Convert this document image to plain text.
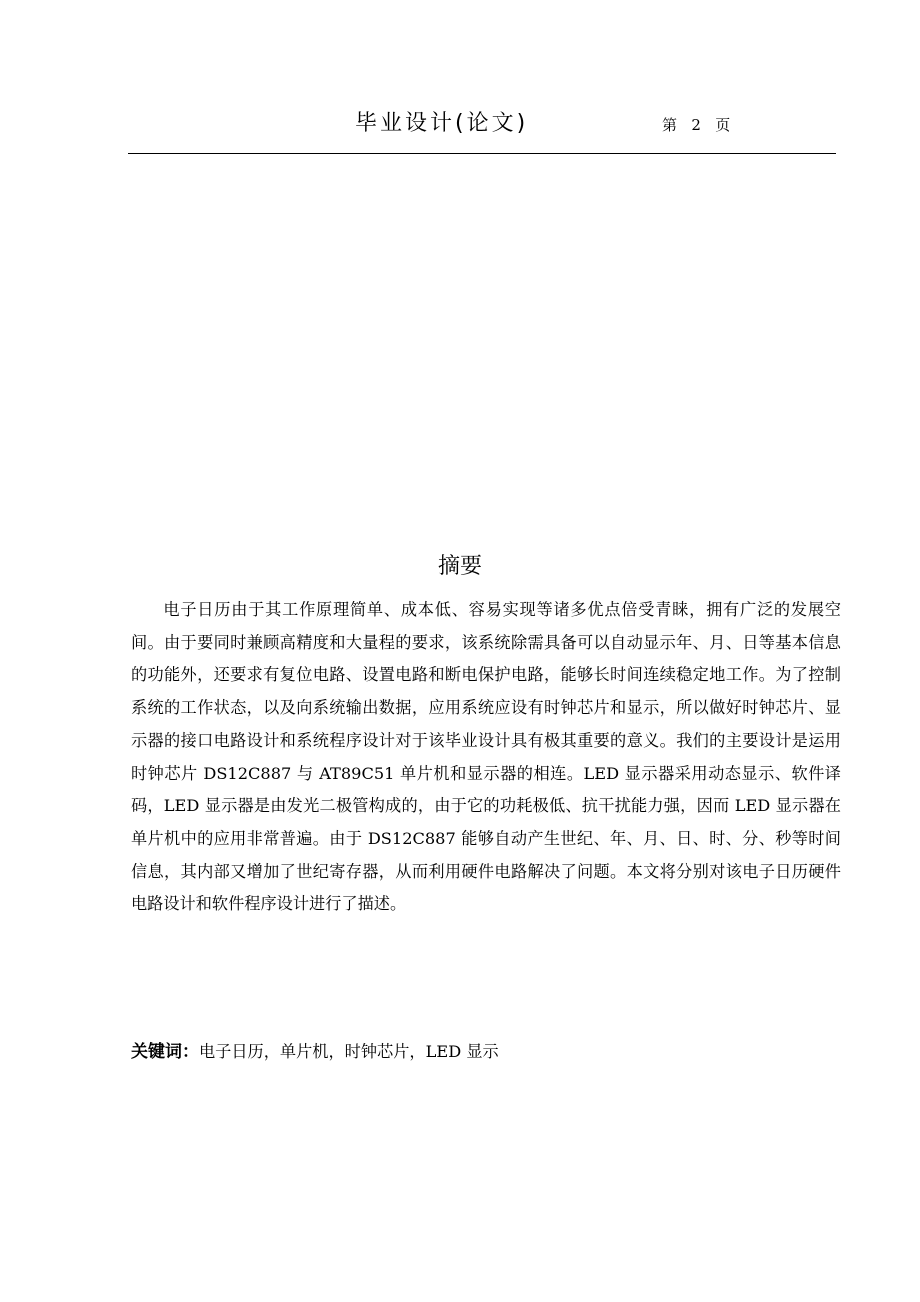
毕业设计(论文)	第 2 页
摘要

电子日历由于其工作原理简单、成本低、容易实现等诸多优点倍受青睐，拥有广泛的发展空间。由于要同时兼顾高精度和大量程的要求，该系统除需具备可以自动显示年、月、日等基本信息的功能外，还要求有复位电路、设置电路和断电保护电路，能够长时间连续稳定地工作。为了控制系统的工作状态，以及向系统输出数据，应用系统应设有时钟芯片和显示，所以做好时钟芯片、显示器的接口电路设计和系统程序设计对于该毕业设计具有极其重要的意义。我们的主要设计是运用时钟芯片 DS12C887 与 AT89C51 单片机和显示器的相连。LED 显示器采用动态显示、软件译码，LED 显示器是由发光二极管构成的，由于它的功耗极低、抗干扰能力强，因而 LED 显示器在单片机中的应用非常普遍。由于 DS12C887 能够自动产生世纪、年、月、日、时、分、秒等时间信息，其内部又增加了世纪寄存器，从而利用硬件电路解决了问题。本文将分别对该电子日历硬件电路设计和软件程序设计进行了描述。

关键词：电子日历，单片机，时钟芯片，LED 显示
